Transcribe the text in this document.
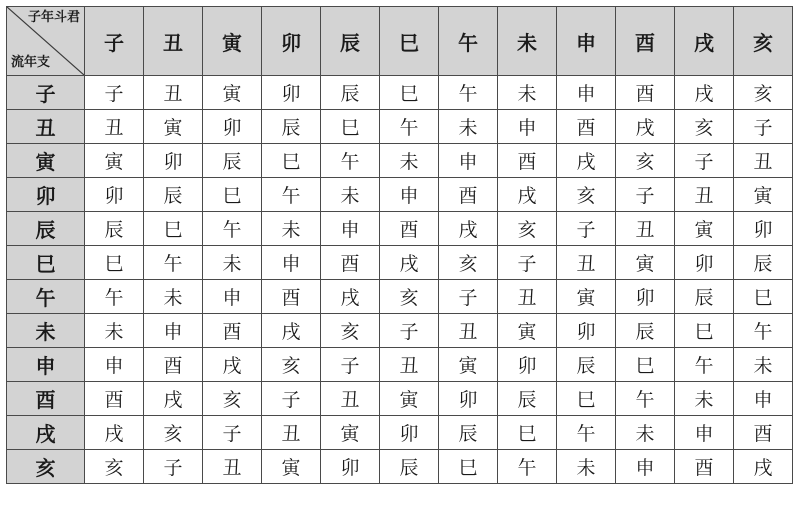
子年斗君
流年支	子	丑	寅	卯	辰	巳	午	未	申	酉	戌	亥
子	子	丑	寅	卯	辰	巳	午	未	申	酉	戌	亥
丑	丑	寅	卯	辰	巳	午	未	申	酉	戌	亥	子
寅	寅	卯	辰	巳	午	未	申	酉	戌	亥	子	丑
卯	卯	辰	巳	午	未	申	酉	戌	亥	子	丑	寅
辰	辰	巳	午	未	申	酉	戌	亥	子	丑	寅	卯
巳	巳	午	未	申	酉	戌	亥	子	丑	寅	卯	辰
午	午	未	申	酉	戌	亥	子	丑	寅	卯	辰	巳
未	未	申	酉	戌	亥	子	丑	寅	卯	辰	巳	午
申	申	酉	戌	亥	子	丑	寅	卯	辰	巳	午	未
酉	酉	戌	亥	子	丑	寅	卯	辰	巳	午	未	申
戌	戌	亥	子	丑	寅	卯	辰	巳	午	未	申	酉
亥	亥	子	丑	寅	卯	辰	巳	午	未	申	酉	戌
